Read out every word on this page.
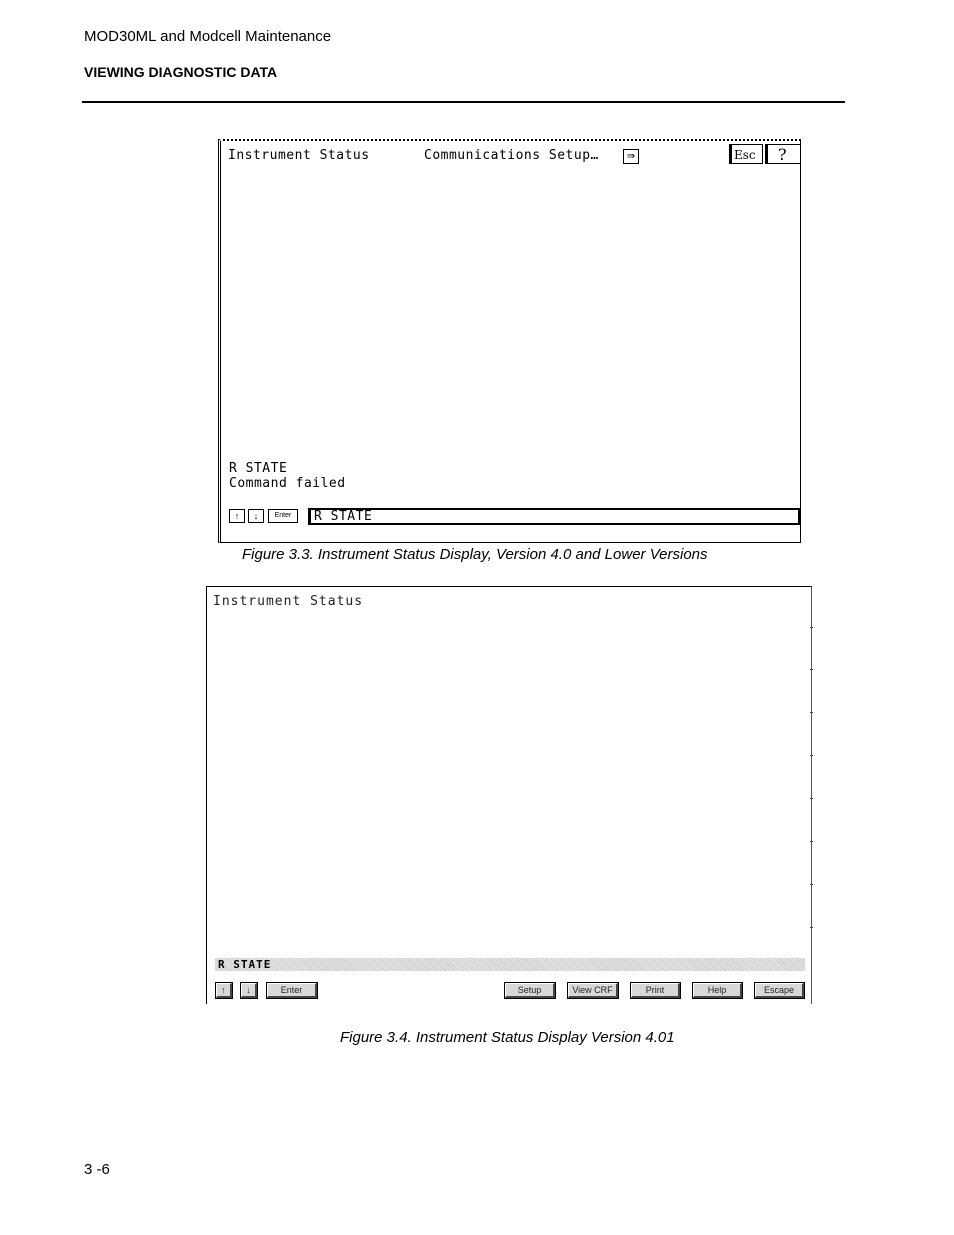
MOD30ML and Modcell Maintenance
VIEWING DIAGNOSTIC DATA
Instrument Status	Communications Setup…	⇛	Esc	?
R STATE
Command failed
↑	↓	Enter	R STATE
Figure 3.3. Instrument Status Display, Version 4.0 and Lower Versions
Instrument Status
R STATE
↑	↓	Enter	Setup	View CRF	Print	Help	Escape
Figure 3.4. Instrument Status Display Version 4.01
3 -6
